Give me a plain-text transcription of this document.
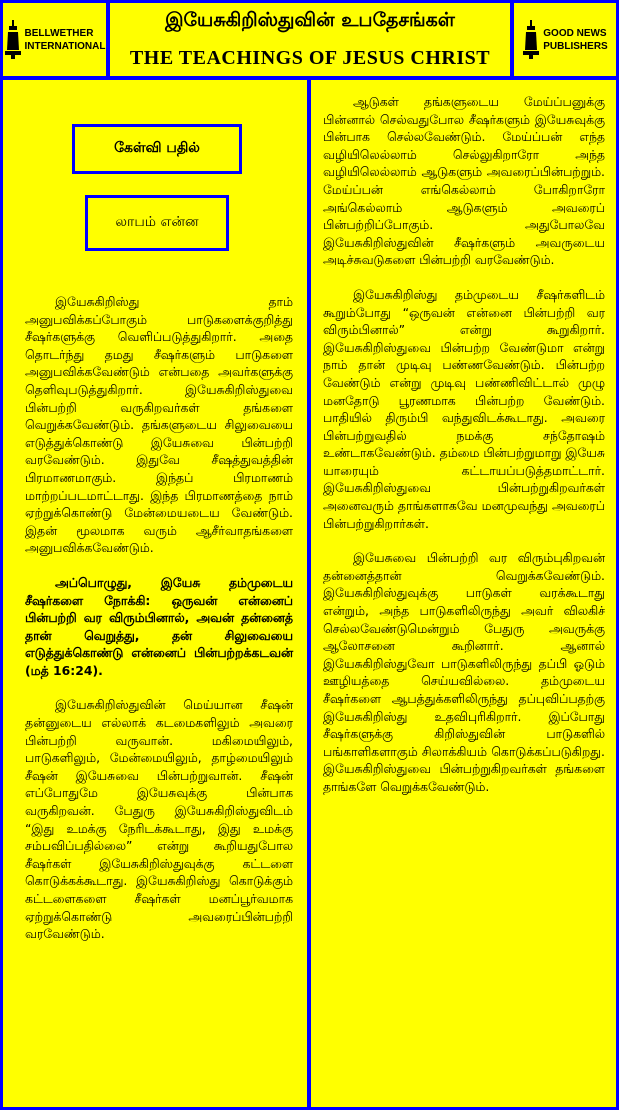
BELLWETHER
INTERNATIONAL
இயேசுகிறிஸ்துவின் உபதேசங்கள்
THE TEACHINGS OF JESUS CHRIST
GOOD NEWS
PUBLISHERS
கேள்வி பதில்
லாபம் என்ன

இயேசுகிறிஸ்து தாம் அனுபவிக்கப்போகும் பாடுகளைக்குறித்து சீஷர்களுக்கு வெளிப்படுத்துகிறார். அதை தொடர்ந்து தமது சீஷர்களும் பாடுகளை அனுபவிக்கவேண்டும் என்பதை அவர்களுக்கு தெளிவுபடுத்துகிறார். இயேசுகிறிஸ்துவை பின்பற்றி வருகிறவர்கள் தங்களை வெறுக்கவேண்டும். தங்களுடைய சிலுவையை எடுத்துக்கொண்டு இயேசுவை பின்பற்றி வரவேண்டும். இதுவே சீஷத்துவத்தின் பிரமாணமாகும். இந்தப் பிரமாணம் மாற்றப்படமாட்டாது. இந்த பிரமாணத்தை நாம் ஏற்றுக்கொண்டு மேன்மையடைய வேண்டும். இதன் மூலமாக வரும் ஆசீர்வாதங்களை அனுபவிக்கவேண்டும்.

அப்பொழுது, இயேசு தம்முடைய சீஷர்களை நோக்கி: ஒருவன் என்னைப் பின்பற்றி வர விரும்பினால், அவன் தன்னைத் தான் வெறுத்து, தன் சிலுவையை எடுத்துக்கொண்டு என்னைப் பின்பற்றக்கடவன் (மத் 16:24).

இயேசுகிறிஸ்துவின் மெய்யான சீஷன் தன்னுடைய எல்லாக் கடமைகளிலும் அவரை பின்பற்றி வருவான். மகிமையிலும், பாடுகளிலும், மேன்மையிலும், தாழ்மையிலும் சீஷன் இயேசுவை பின்பற்றுவான். சீஷன் எப்போதுமே இயேசுவுக்கு பின்பாக வருகிறவன். பேதுரு இயேசுகிறிஸ்துவிடம் “இது உமக்கு நேரிடக்கூடாது, இது உமக்கு சம்பவிப்பதில்லை” என்று கூறியதுபோல சீஷர்கள் இயேசுகிறிஸ்துவுக்கு கட்டளை கொடுக்கக்கூடாது. இயேசுகிறிஸ்து கொடுக்கும் கட்டளைகளை சீஷர்கள் மனப்பூர்வமாக ஏற்றுக்கொண்டு அவரைப்பின்பற்றி வரவேண்டும்.

ஆடுகள் தங்களுடைய மேய்ப்பனுக்கு பின்னால் செல்வதுபோல சீஷர்களும் இயேசுவுக்கு பின்பாக செல்லவேண்டும். மேய்ப்பன் எந்த வழியிலெல்லாம் செல்லுகிறாரோ அந்த வழியிலெல்லாம் ஆடுகளும் அவரைப்பின்பற்றும். மேய்ப்பன் எங்கெல்லாம் போகிறாரோ அங்கெல்லாம் ஆடுகளும் அவரைப் பின்பற்றிப்போகும். அதுபோலவே இயேசுகிறிஸ்துவின் சீஷர்களும் அவருடைய அடிச்சுவடுகளை பின்பற்றி வரவேண்டும்.

இயேசுகிறிஸ்து தம்முடைய சீஷர்களிடம் கூறும்போது “ஒருவன் என்னை பின்பற்றி வர விரும்பினால்” என்று கூறுகிறார். இயேசுகிறிஸ்துவை பின்பற்ற வேண்டுமா என்று நாம் தான் முடிவு பண்ணவேண்டும். பின்பற்ற வேண்டும் என்று முடிவு பண்ணிவிட்டால் முழு மனதோடு பூரணமாக பின்பற்ற வேண்டும். பாதியில் திரும்பி வந்துவிடக்கூடாது. அவரை பின்பற்றுவதில் நமக்கு சந்தோஷம் உண்டாகவேண்டும். தம்மை பின்பற்றுமாறு இயேசு யாரையும் கட்டாயப்படுத்தமாட்டார். இயேசுகிறிஸ்துவை பின்பற்றுகிறவர்கள் அனைவரும் தாங்களாகவே மனமுவந்து அவரைப் பின்பற்றுகிறார்கள்.

இயேசுவை பின்பற்றி வர விரும்புகிறவன் தன்னைத்தான் வெறுக்கவேண்டும். இயேசுகிறிஸ்துவுக்கு பாடுகள் வரக்கூடாது என்றும், அந்த பாடுகளிலிருந்து அவர் விலகிச் செல்லவேண்டுமென்றும் பேதுரு அவருக்கு ஆலோசனை கூறினார். ஆனால் இயேசுகிறிஸ்துவோ பாடுகளிலிருந்து தப்பி ஓடும் ஊழியத்தை செய்யவில்லை. தம்முடைய சீஷர்களை ஆபத்துக்களிலிருந்து தப்புவிப்பதற்கு இயேசுகிறிஸ்து உதவிபுரிகிறார். இப்போது சீஷர்களுக்கு கிறிஸ்துவின் பாடுகளில் பங்காளிகளாகும் சிலாக்கியம் கொடுக்கப்படுகிறது. இயேசுகிறிஸ்துவை பின்பற்றுகிறவர்கள் தங்களை தாங்களே வெறுக்கவேண்டும்.
